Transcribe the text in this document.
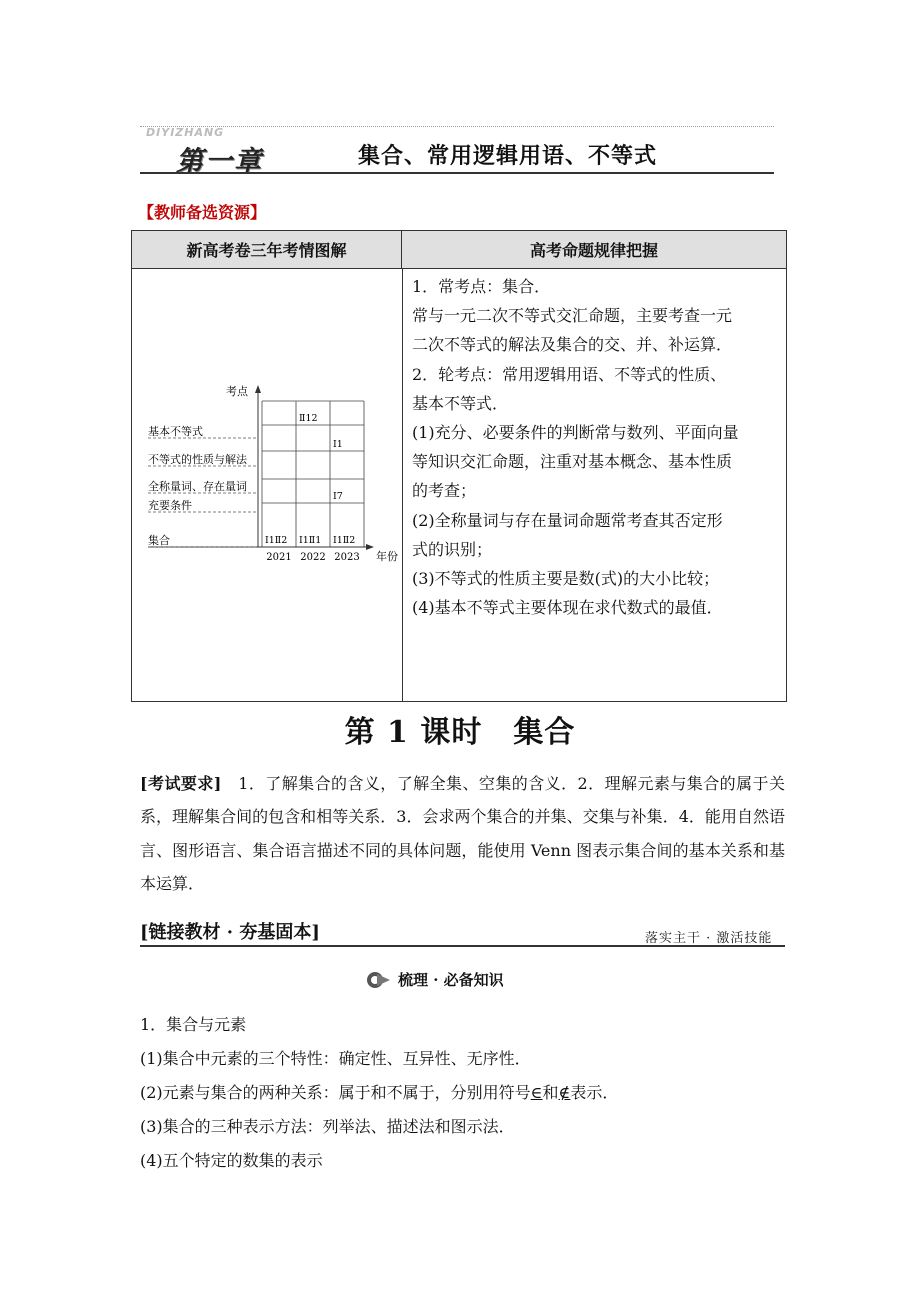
DIYIZHANG
第一章	集合、常用逻辑用语、不等式
【教师备选资源】
新高考卷三年考情图解	高考命题规律把握
考点
基本不等式
不等式的性质与解法
全称量词、存在量词
充要条件
集合
2021 2022 2023 年份
Ⅱ12
Ⅰ1
Ⅰ7
Ⅰ1Ⅱ2 Ⅰ1Ⅱ1 Ⅰ1Ⅱ2
1．常考点：集合．
常与一元二次不等式交汇命题，主要考查一元
二次不等式的解法及集合的交、并、补运算．
2．轮考点：常用逻辑用语、不等式的性质、
基本不等式．
(1)充分、必要条件的判断常与数列、平面向量
等知识交汇命题，注重对基本概念、基本性质
的考查；
(2)全称量词与存在量词命题常考查其否定形
式的识别；
(3)不等式的性质主要是数(式)的大小比较；
(4)基本不等式主要体现在求代数式的最值．
第 1 课时　集合
[考试要求]　1．了解集合的含义，了解全集、空集的含义．2．理解元素与集合的属于关系，理解集合间的包含和相等关系．3．会求两个集合的并集、交集与补集．4．能用自然语言、图形语言、集合语言描述不同的具体问题，能使用 Venn 图表示集合间的基本关系和基本运算．
[链接教材 · 夯基固本]	落实主干 · 激活技能
梳理 · 必备知识
1．集合与元素
(1)集合中元素的三个特性：确定性、互异性、无序性．
(2)元素与集合的两种关系：属于和不属于，分别用符号∈和∉表示．
(3)集合的三种表示方法：列举法、描述法和图示法．
(4)五个特定的数集的表示
